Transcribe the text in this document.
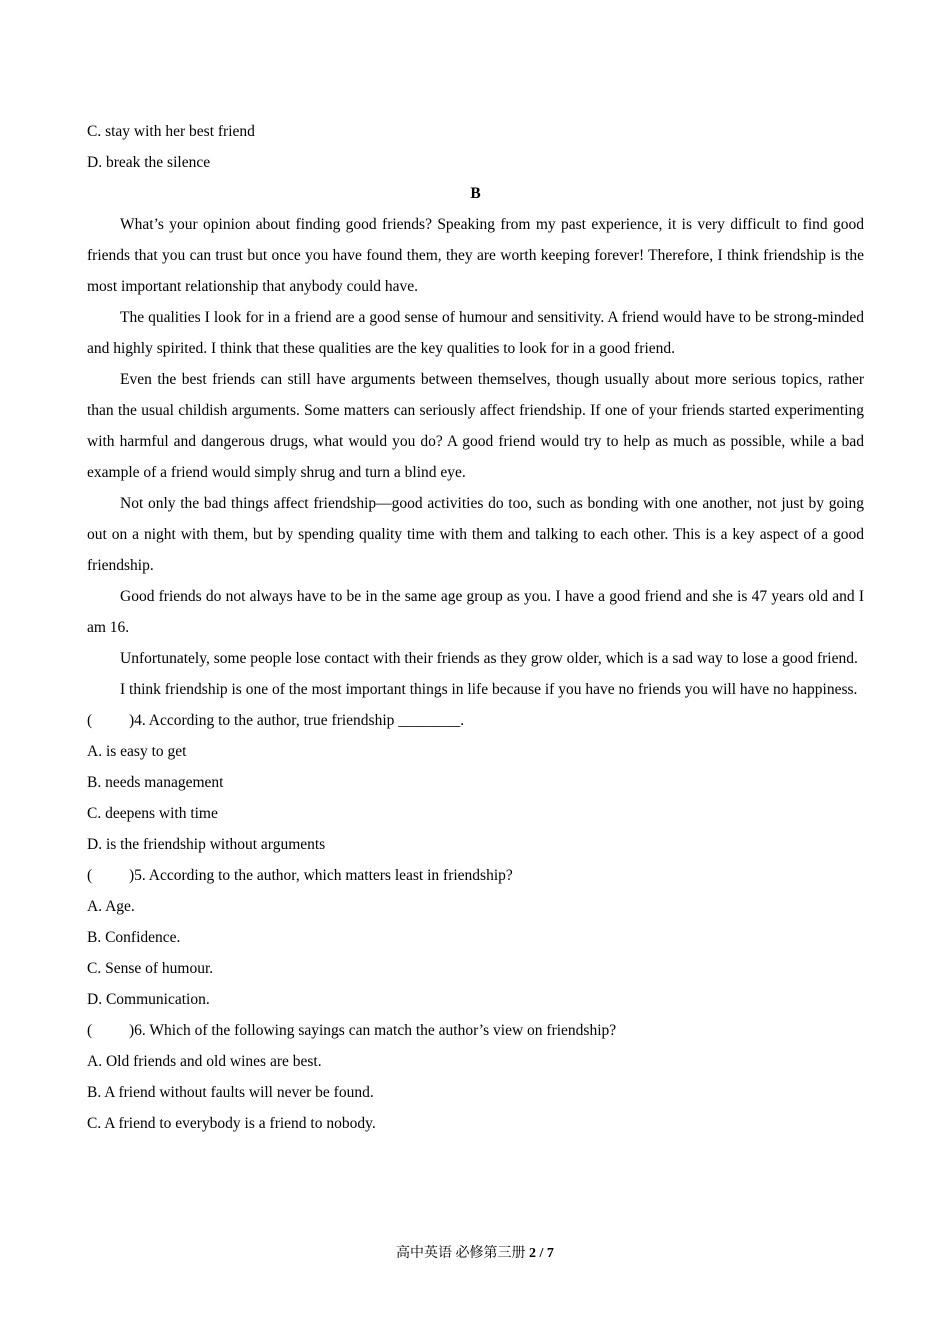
C. stay with her best friend

D. break the silence

B

What’s your opinion about finding good friends? Speaking from my past experience, it is very difficult to find good friends that you can trust but once you have found them, they are worth keeping forever! Therefore, I think friendship is the most important relationship that anybody could have.

The qualities I look for in a friend are a good sense of humour and sensitivity. A friend would have to be strong-minded and highly spirited. I think that these qualities are the key qualities to look for in a good friend.

Even the best friends can still have arguments between themselves, though usually about more serious topics, rather than the usual childish arguments. Some matters can seriously affect friendship. If one of your friends started experimenting with harmful and dangerous drugs, what would you do? A good friend would try to help as much as possible, while a bad example of a friend would simply shrug and turn a blind eye.

Not only the bad things affect friendship—good activities do too, such as bonding with one another, not just by going out on a night with them, but by spending quality time with them and talking to each other. This is a key aspect of a good friendship.

Good friends do not always have to be in the same age group as you. I have a good friend and she is 47 years old and I am 16.

Unfortunately, some people lose contact with their friends as they grow older, which is a sad way to lose a good friend.

I think friendship is one of the most important things in life because if you have no friends you will have no happiness.

( )4. According to the author, true friendship ________.

A. is easy to get

B. needs management

C. deepens with time

D. is the friendship without arguments

( )5. According to the author, which matters least in friendship?

A. Age.

B. Confidence.

C. Sense of humour.

D. Communication.

( )6. Which of the following sayings can match the author’s view on friendship?

A. Old friends and old wines are best.

B. A friend without faults will never be found.

C. A friend to everybody is a friend to nobody.

高中英语 必修第三册 2 / 7
